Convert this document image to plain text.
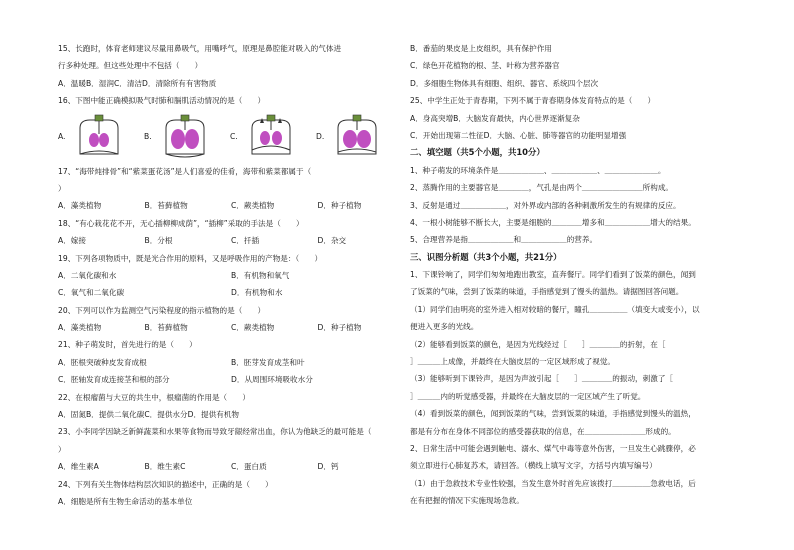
15、长跑时，体育老师建议尽量用鼻吸气，用嘴呼气，原理是鼻腔能对吸入的气体进
行多种处理。但这些处理中不包括（　　）
A．温暖B．湿润C．清洁D．清除所有有害物质
16、下图中能正确模拟吸气时肺和膈肌活动情况的是（　　）
A.	B.	C.	D.
17、“海带炖排骨”和“紫菜蛋花汤”是人们喜爱的佳肴，海带和紫菜都属于（
）
A．藻类植物	B．苔藓植物	C．蕨类植物	D．种子植物
18、“有心栽花花不开，无心插柳柳成荫”，“插柳”采取的手法是（　　）
A．嫁接	B．分根	C．扦插	D．杂交
19、下列各项物质中，既是光合作用的原料，又是呼吸作用的产物是：（　　）
A．二氧化碳和水	B．有机物和氧气
C．氧气和二氧化碳	D．有机物和水
20、下列可以作为监测空气污染程度的指示植物的是（　　）
A．藻类植物	B．苔藓植物	C．蕨类植物	D．种子植物
21、种子萌发时，首先进行的是（　　）
A．胚根突破种皮发育成根	B．胚芽发育成茎和叶
C．胚轴发育成连接茎和根的部分	D．从周围环境吸收水分
22、在根瘤菌与大豆的共生中，根瘤菌的作用是（　　）
A．固氮B．提供二氧化碳C．提供水分D．提供有机物
23、小李同学因缺乏新鲜蔬菜和水果等食物而导致牙龈经常出血，你认为他缺乏的最可能是（
）
A．维生素A	B．维生素C	C．蛋白质	D．钙
24、下列有关生物体结构层次知识的描述中，正确的是（　　）
A．细胞是所有生物生命活动的基本单位
B．番茄的果皮是上皮组织，具有保护作用
C．绿色开花植物的根、茎、叶称为营养器官
D．多细胞生物体具有细胞、组织、器官、系统四个层次
25、中学生正处于青春期，下列不属于青春期身体发育特点的是（　　）
A．身高突增B．大脑发育最快，内心世界逐渐复杂
C．开始出现第二性征D．大脑、心脏、肺等器官的功能明显增强
二、填空题（共5个小题，共10分）
1、种子萌发的环境条件是＿＿＿＿＿＿、＿＿＿＿＿＿、＿＿＿＿＿＿＿。
2、蒸腾作用的主要器官是＿＿＿＿，气孔是由两个＿＿＿＿＿＿＿＿所构成。
3、反射是通过＿＿＿＿＿＿，对外界或内部的各种刺激所发生的有规律的反应。
4、一根小树能够不断长大，主要是细胞的＿＿＿＿增多和＿＿＿＿＿＿增大的结果。
5、合理营养是指＿＿＿＿＿＿和＿＿＿＿＿＿的营养。
三、识图分析题（共3个小题，共21分）
1、下课铃响了，同学们匆匆地跑出教室，直奔餐厅。同学们看到了饭菜的颜色，闻到
了饭菜的气味，尝到了饭菜的味道，手指感觉到了馒头的温热。请据图回答问题。
（1）同学们由明亮的室外进入相对较暗的餐厅，瞳孔＿＿＿＿＿（填变大或变小），以
便进入更多的光线。
（2）能够看到饭菜的颜色，是因为光线经过［　　］＿＿＿＿的折射，在［
］＿＿＿上成像，并最终在大脑皮层的一定区域形成了视觉。
（3）能够听到下课铃声，是因为声波引起［　　］＿＿＿＿的振动，刺激了［
］＿＿＿内的听觉感受器，并最终在大脑皮层的一定区域产生了听觉。
（4）看到饭菜的颜色，闻到饭菜的气味，尝到饭菜的味道，手指感觉到馒头的温热，
都是有分布在身体不同部位的感受器获取的信息，在＿＿＿＿＿＿＿＿形成的。
2、日常生活中可能会遇到触电、溺水、煤气中毒等意外伤害，一旦发生心跳骤停，必
须立即进行心肺复苏术，请回答。（横线上填写文字，方括号内填写编号）
（1）由于急救技术专业性较强，当发生意外时首先应该拨打＿＿＿＿＿急救电话，后
在有把握的情况下实施现场急救。
